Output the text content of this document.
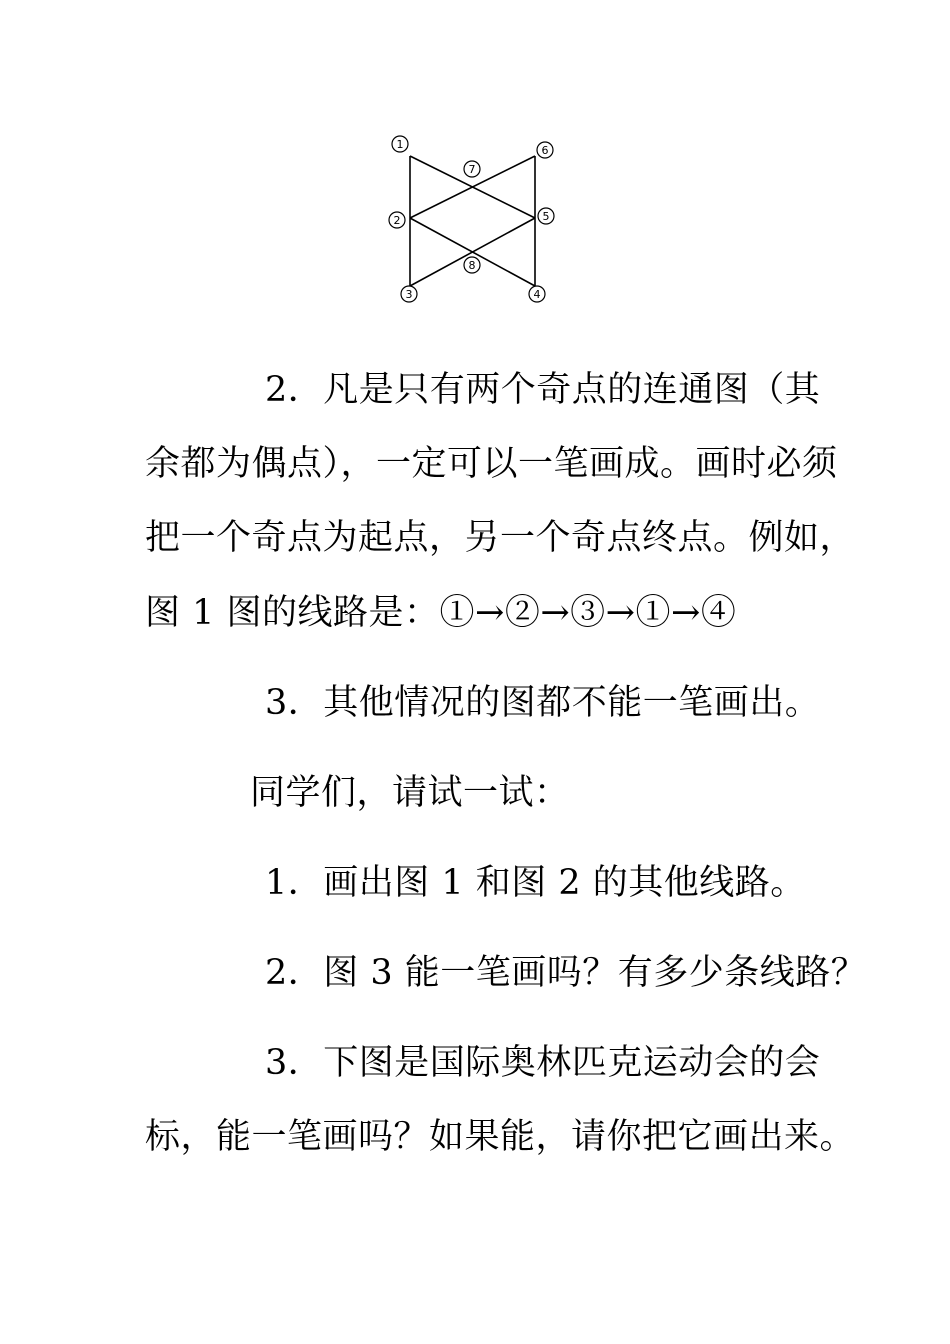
1	6
7
2	5
8
3	4
2．凡是只有两个奇点的连通图（其
余都为偶点），一定可以一笔画成。画时必须
把一个奇点为起点，另一个奇点终点。例如，
图 1 图的线路是：①→②→③→①→④
3．其他情况的图都不能一笔画出。
同学们，请试一试：
1．画出图 1 和图 2 的其他线路。
2．图 3 能一笔画吗？有多少条线路？
3．下图是国际奥林匹克运动会的会
标，能一笔画吗？如果能，请你把它画出来。
